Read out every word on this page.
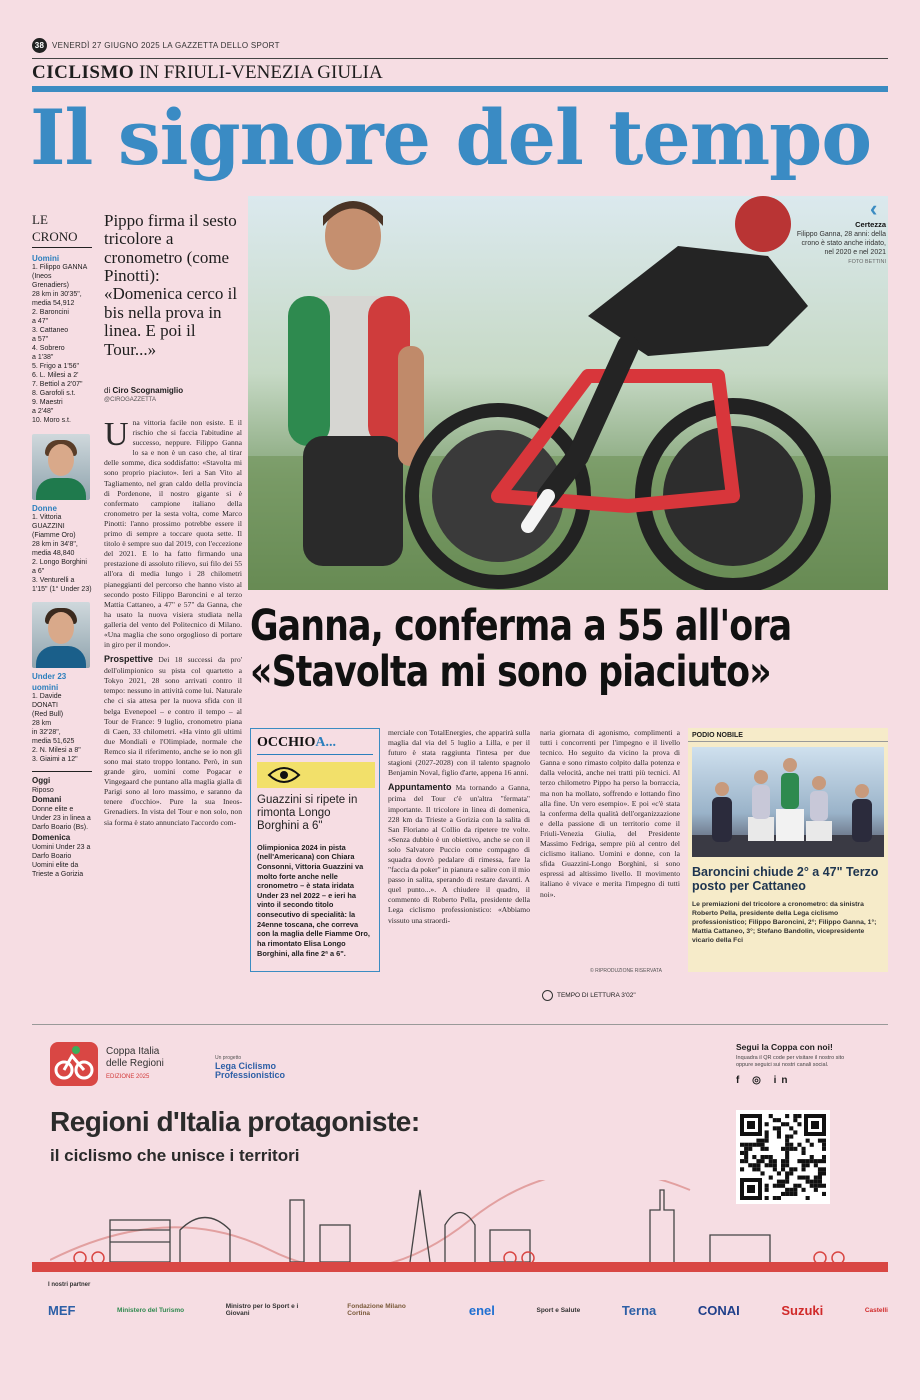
38 VENERDÌ 27 GIUGNO 2025 LA GAZZETTA DELLO SPORT
CICLISMO IN FRIULI-VENEZIA GIULIA
Il signore del tempo
LE CRONO
Uomini
1. Filippo GANNA
(Ineos
Grenadiers)
28 km in 30'35",
media 54,912
2. Baroncini
a 47"
3. Cattaneo
a 57"
4. Sobrero
a 1'38"
5. Frigo a 1'56"
6. L. Milesi a 2'
7. Bettiol a 2'07"
8. Garofoli s.t.
9. Maestri
a 2'48"
10. Moro s.t.
Donne
1. Vittoria
GUAZZINI
(Fiamme Oro)
28 km in 34'8",
media 48,840
2. Longo Borghini
a 6"
3. Venturelli a
1'15" (1° Under 23)
Under 23 uomini
1. Davide
DONATI
(Red Bull)
28 km
in 32'28",
media 51,625
2. N. Milesi a 8"
3. Giaimi a 12"
Oggi
Riposo
Domani
Donne elite e Under 23 in linea a Darfo Boario (Bs).
Domenica
Uomini Under 23 a Darfo Boario Uomini elite da Trieste a Gorizia
Pippo firma il sesto tricolore a cronometro (come Pinotti): «Domenica cerco il bis nella prova in linea. E poi il Tour...»
di Ciro Scognamiglio
@CIROGAZZETTA
U na vittoria facile non esiste. E il rischio che si faccia l'abitudine al successo, neppure. Filippo Ganna lo sa e non è un caso che, al tirar delle somme, dica soddisfatto: «Stavolta mi sono proprio piaciuto». Ieri a San Vito al Tagliamento, nel gran caldo della provincia di Pordenone, il nostro gigante si è confermato campione italiano della cronometro per la sesta volta, come Marco Pinotti: l'anno prossimo potrebbe essere il primo di sempre a toccare quota sette. Il titolo è sempre suo dal 2019, con l'eccezione del 2021. E lo ha fatto firmando una prestazione di assoluto rilievo, sui filo dei 55 all'ora di media lungo i 28 chilometri pianeggianti del percorso che hanno visto al secondo posto Filippo Baroncini e al terzo Mattia Cattaneo, a 47" e 57" da Ganna, che ha usato la nuova visiera studiata nella galleria del vento del Politecnico di Milano. «Una maglia che sono orgoglioso di portare in giro per il mondo».

Prospettive Dei 18 successi da pro' dell'olimpionico su pista col quartetto a Tokyo 2021, 28 sono arrivati contro il tempo: nessuno in attività come lui. Naturale che ci sia attesa per la nuova sfida con il belga Evenepoel – e contro il tempo – al Tour de France: 9 luglio, cronometro piana di Caen, 33 chilometri. «Ha vinto gli ultimi due Mondiali e l'Olimpiade, normale che Remco sia il riferimento, anche se io non gli sono mai stato troppo lontano. Però, in sun grande giro, uomini come Pogacar e Vingegaard che puntano alla maglia gialla di Parigi sono al loro massimo, e saranno da tenere d'occhio». Pure la sua Ineos-Grenadiers. In vista del Tour e non solo, non sia forma è stato annunciato l'accordo com-

‹
Certezza
Filippo Ganna, 28 anni: della crono è stato anche iridato, nel 2020 e nel 2021
FOTO BETTINI
Ganna, conferma a 55 all'ora
«Stavolta mi sono piaciuto»
OCCHIOA...
Guazzini si ripete in rimonta Longo Borghini a 6"
Olimpionica 2024 in pista (nell'Americana) con Chiara Consonni, Vittoria Guazzini va molto forte anche nelle cronometro – è stata iridata Under 23 nel 2022 – e ieri ha vinto il secondo titolo consecutivo di specialità: la 24enne toscana, che correva con la maglia delle Fiamme Oro, ha rimontato Elisa Longo Borghini, alla fine 2ª a 6".
merciale con TotalEnergies, che apparirà sulla maglia dal via del 5 luglio a Lilla, e per il futuro è stata raggiunta l'intesa per due stagioni (2027-2028) con il talento spagnolo Benjamin Noval, figlio d'arte, appena 16 anni.

Appuntamento Ma tornando a Ganna, prima del Tour c'è un'altra "fermata" importante. Il tricolore in linea di domenica, 228 km da Trieste a Gorizia con la salita di San Floriano al Collio da ripetere tre volte. «Senza dubbio è un obiettivo, anche se con il solo Salvatore Puccio come compagno di squadra dovrò pedalare di rimessa, fare la "faccia da poker" in pianura e salire con il mio passo in salita, sperando di restare davanti. A quel punto...». A chiudere il quadro, il commento di Roberto Pella, presidente della Lega ciclismo professionistico: «Abbiamo vissuto una straordi-

naria giornata di agonismo, complimenti a tutti i concorrenti per l'impegno e il livello tecnico. Ho seguito da vicino la prova di Ganna e sono rimasto colpito dalla potenza e dalla velocità, anche nei tratti più tecnici. Al terzo chilometro Pippo ha perso la borraccia, ma non ha mollato, soffrendo e lottando fino alla fine. Un vero esempio». E poi «c'è stata la conferma della qualità dell'organizzazione e della passione di un territorio come il Friuli-Venezia Giulia, del Presidente Massimo Fedriga, sempre più al centro del ciclismo italiano. Uomini e donne, con la sfida Guazzini-Longo Borghini, si sono espressi ad altissimo livello. Il movimento italiano è vivace e merita l'impegno di tutti noi».
© RIPRODUZIONE RISERVATA
TEMPO DI LETTURA 3'02"
PODIO NOBILE
Baroncini chiude 2° a 47" Terzo posto per Cattaneo
Le premiazioni del tricolore a cronometro: da sinistra Roberto Pella, presidente della Lega ciclismo professionistico; Filippo Baroncini, 2°; Filippo Ganna, 1°; Mattia Cattaneo, 3°; Stefano Bandolin, vicepresidente vicario della Fci
Coppa Italia
delle Regioni
EDIZIONE 2025
Un progetto
Lega Ciclismo Professionistico
Regioni d'Italia protagoniste:
il ciclismo che unisce i territori
Segui la Coppa con noi!
Inquadra il QR code per visitare il nostro sito oppure seguici sui nostri canali social.
f ◎ in
I nostri partner
MEF	Ministero del Turismo	Ministro per lo Sport e i Giovani
Fondazione Milano Cortina	enel	Sport e Salute	Terna	CONAI	Suzuki	Castelli
